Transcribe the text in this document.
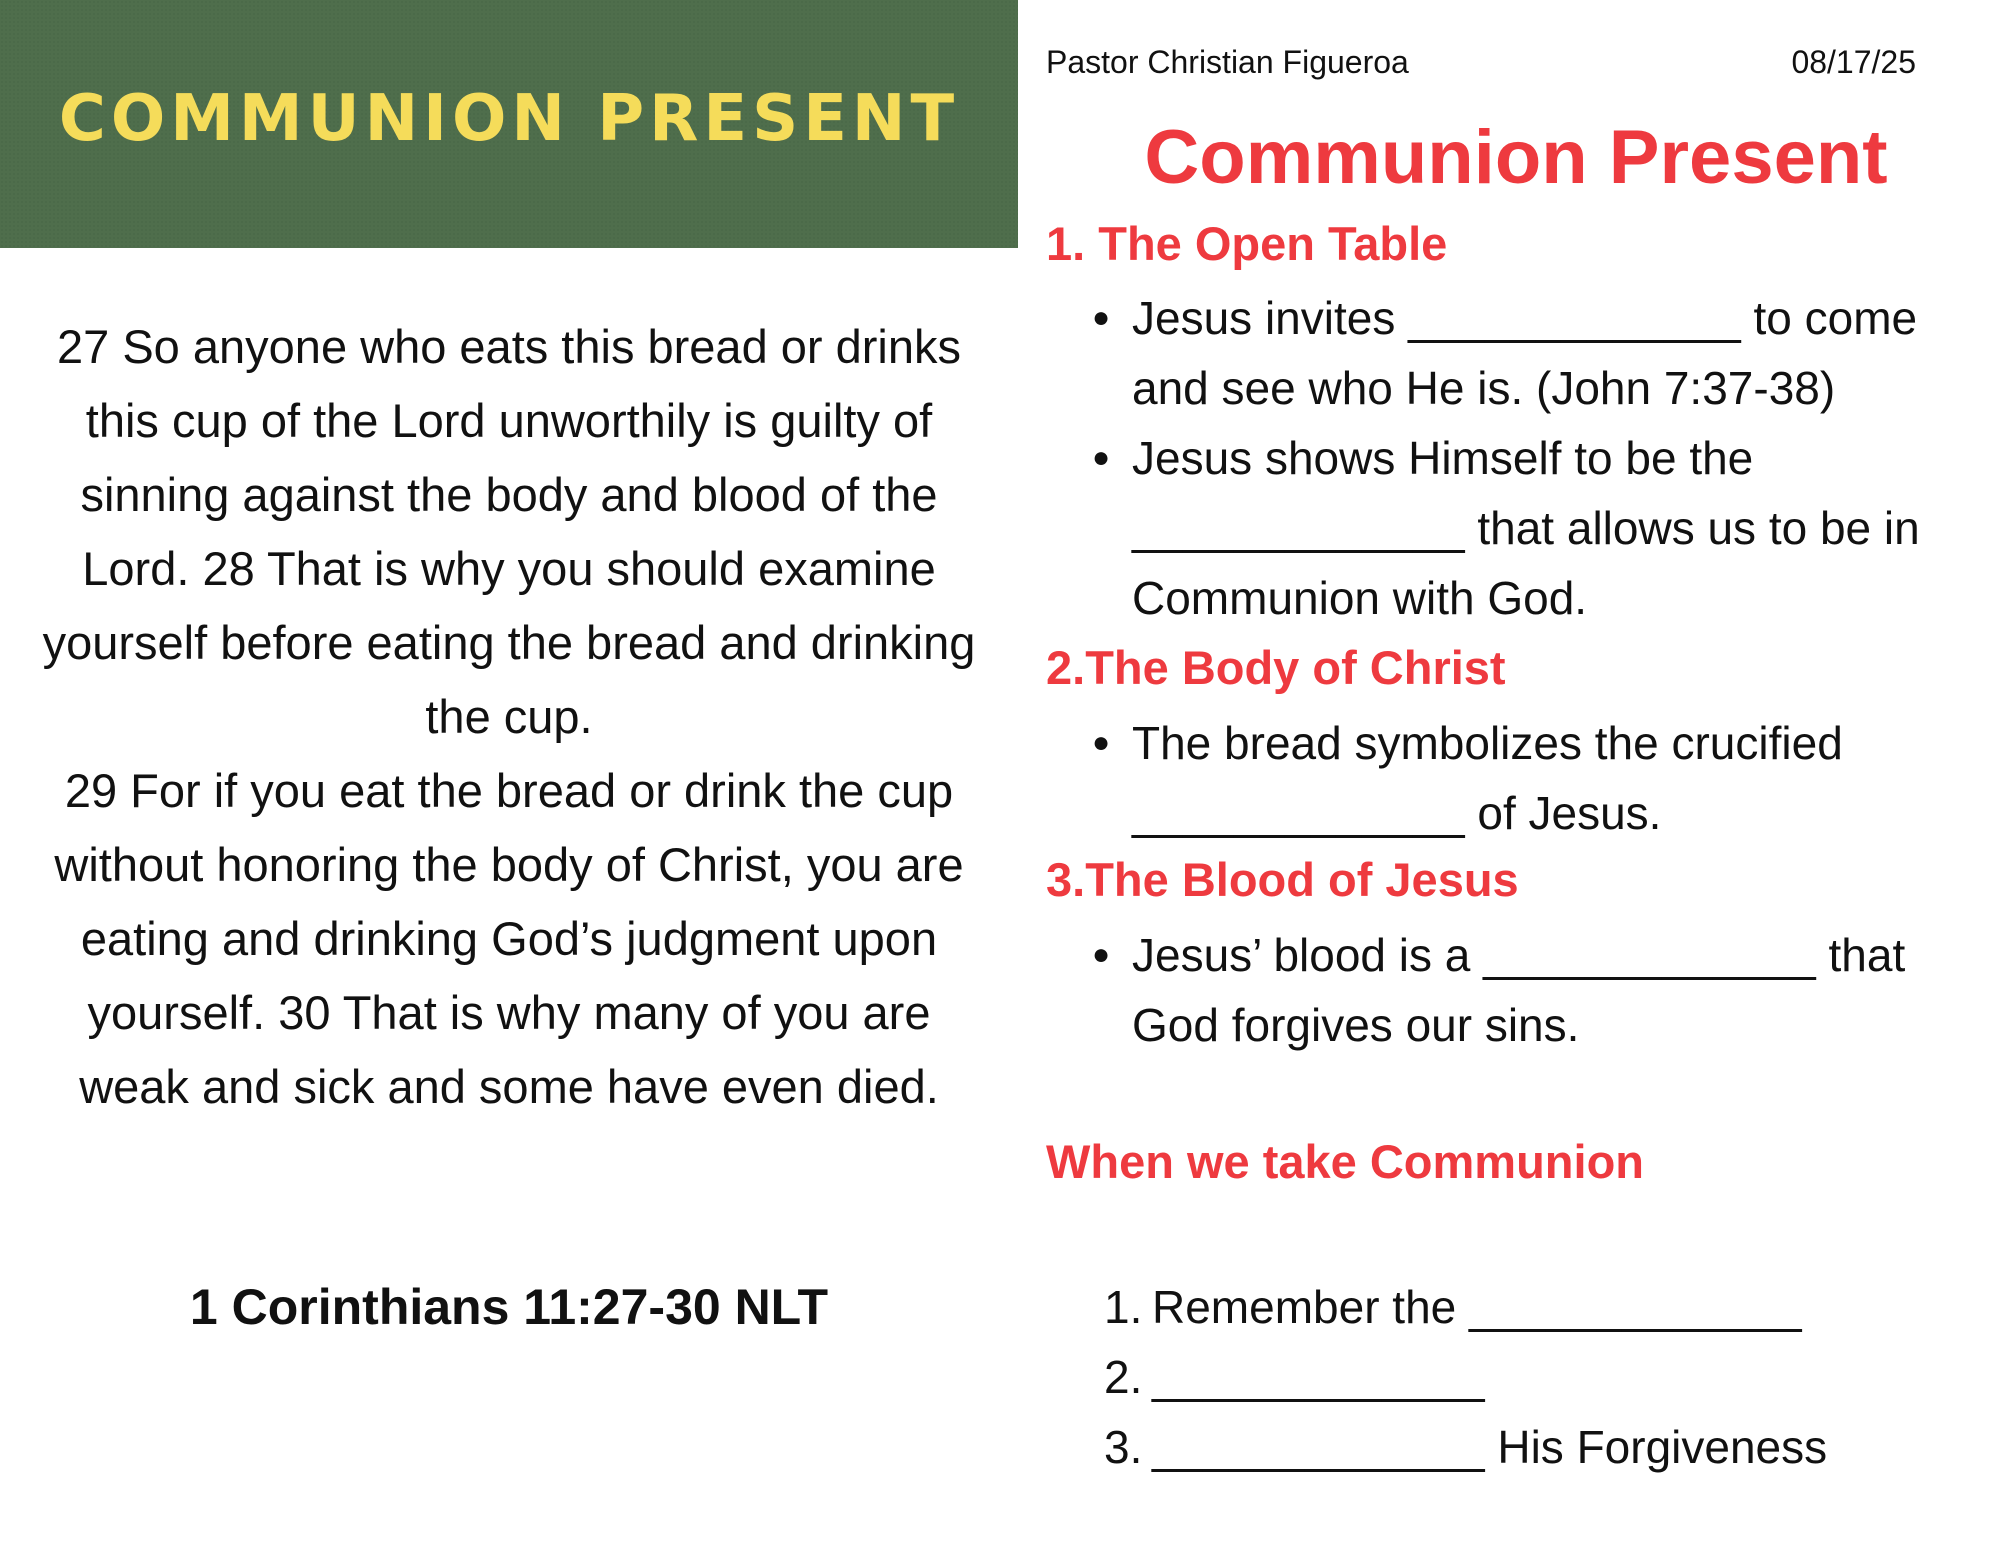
COMMUNION PRESENT

27 So anyone who eats this bread or drinks this cup of the Lord unworthily is guilty of sinning against the body and blood of the Lord. 28 That is why you should examine yourself before eating the bread and drinking the cup.

29 For if you eat the bread or drink the cup without honoring the body of Christ, you are eating and drinking God’s judgment upon yourself. 30 That is why many of you are weak and sick and some have even died.

1 Corinthians 11:27-30 NLT
Pastor Christian Figueroa	08/17/25
Communion Present
1. The Open Table
● Jesus invites _____________ to come and see who He is. (John 7:37-38)
● Jesus shows Himself to be the _____________ that allows us to be in Communion with God.
2.The Body of Christ
● The bread symbolizes the crucified _____________ of Jesus.
3.The Blood of Jesus
● Jesus’ blood is a _____________ that God forgives our sins.
When we take Communion
1. Remember the _____________
2. _____________
3. _____________ His Forgiveness
